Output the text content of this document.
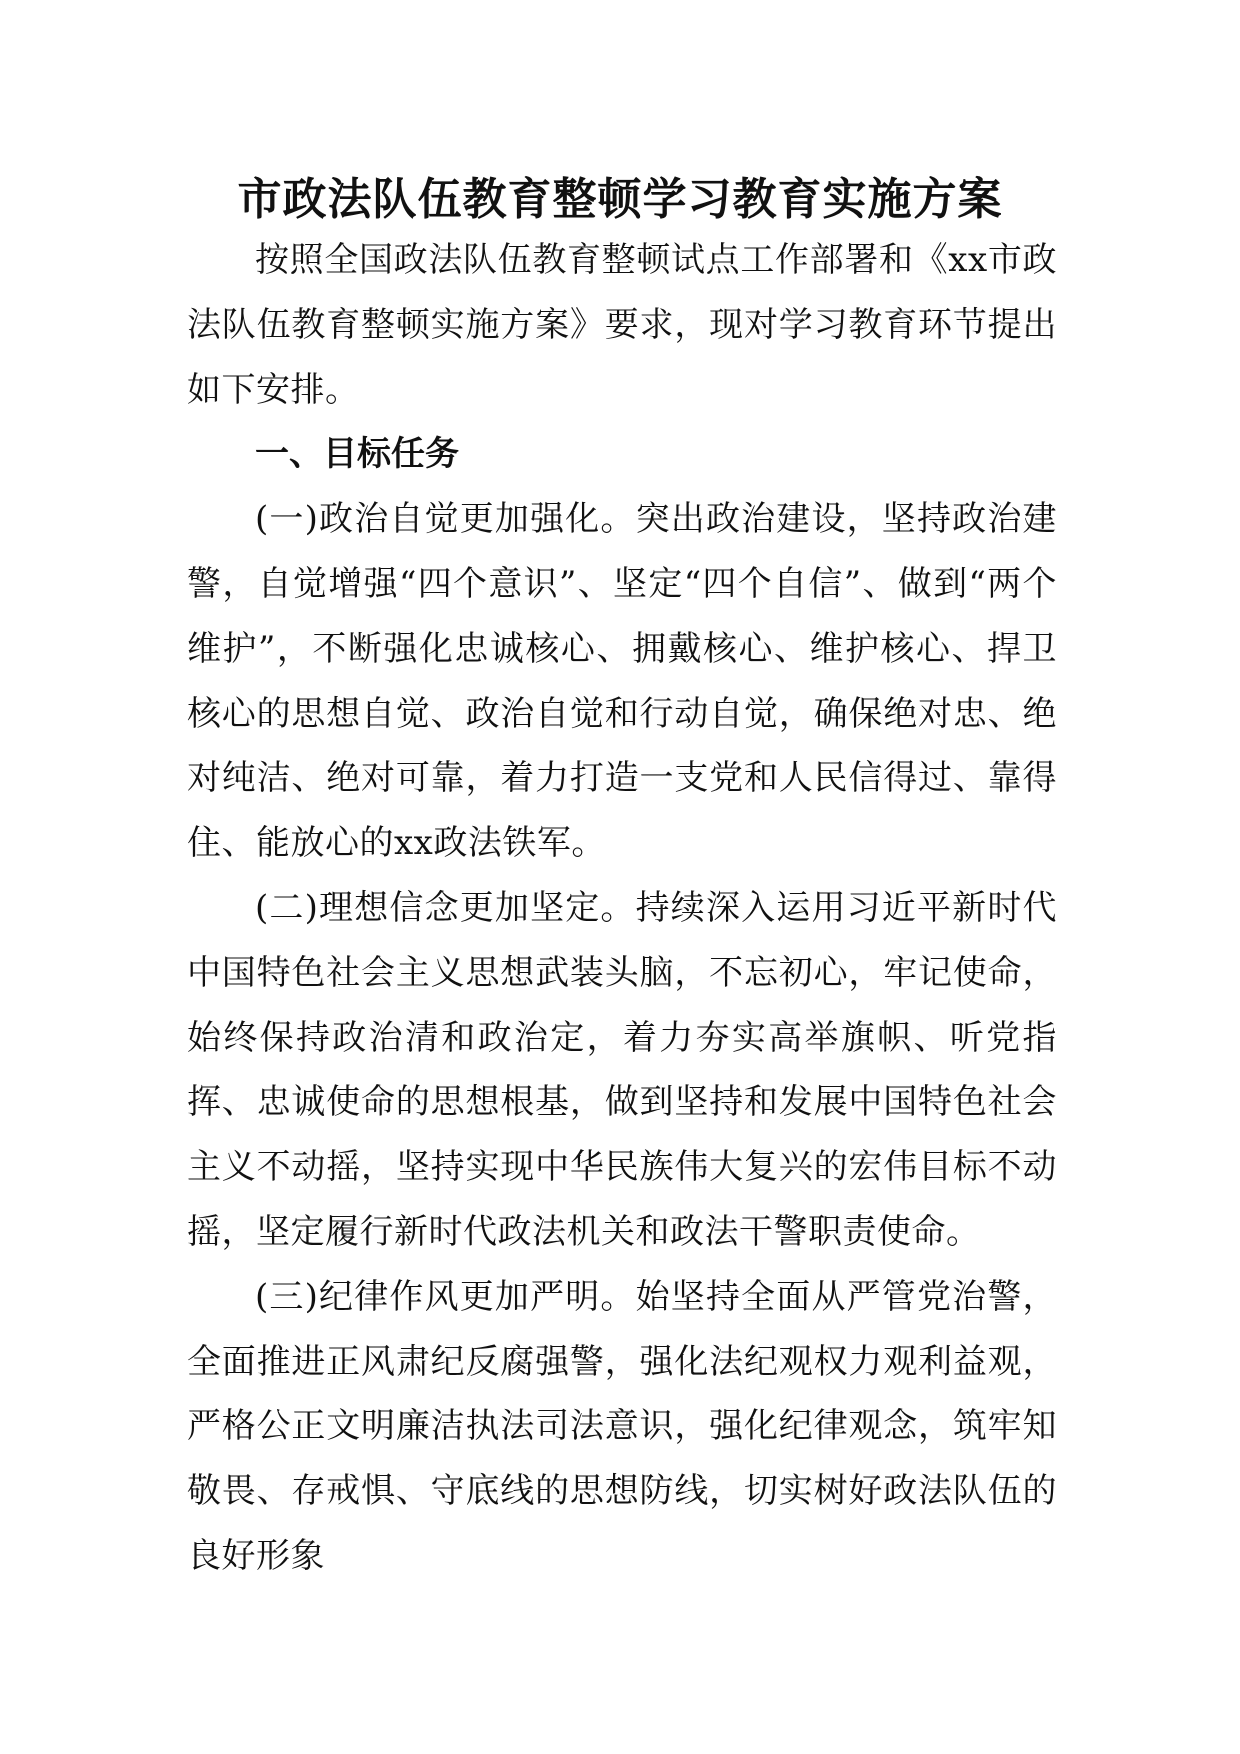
市政法队伍教育整顿学习教育实施方案

按照全国政法队伍教育整顿试点工作部署和《xx市政法队伍教育整顿实施方案》要求，现对学习教育环节提出如下安排。

一、目标任务

(一)政治自觉更加强化。突出政治建设，坚持政治建警，自觉增强“四个意识”、坚定“四个自信”、做到“两个维护”，不断强化忠诚核心、拥戴核心、维护核心、捍卫核心的思想自觉、政治自觉和行动自觉，确保绝对忠、绝对纯洁、绝对可靠，着力打造一支党和人民信得过、靠得住、能放心的xx政法铁军。

(二)理想信念更加坚定。持续深入运用习近平新时代中国特色社会主义思想武装头脑，不忘初心，牢记使命，始终保持政治清和政治定，着力夯实高举旗帜、听党指挥、忠诚使命的思想根基，做到坚持和发展中国特色社会主义不动摇，坚持实现中华民族伟大复兴的宏伟目标不动摇，坚定履行新时代政法机关和政法干警职责使命。

(三)纪律作风更加严明。始坚持全面从严管党治警，全面推进正风肃纪反腐强警，强化法纪观权力观利益观，严格公正文明廉洁执法司法意识，强化纪律观念，筑牢知敬畏、存戒惧、守底线的思想防线，切实树好政法队伍的良好形象
